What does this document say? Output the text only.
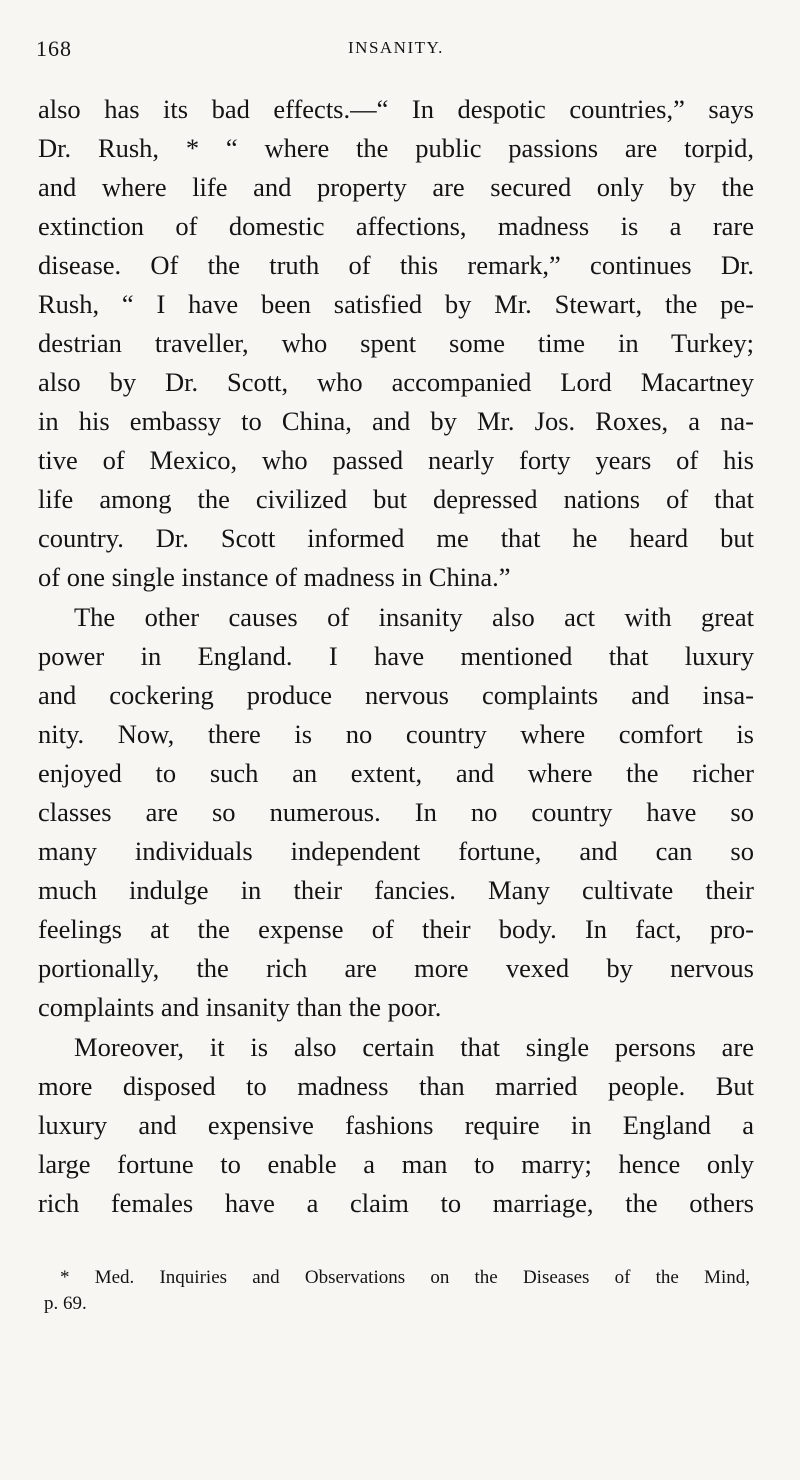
168	INSANITY.
also has its bad effects.—“ In despotic countries,” says
Dr. Rush, * “ where the public passions are torpid,
and where life and property are secured only by the
extinction of domestic affections, madness is a rare
disease. Of the truth of this remark,” continues Dr.
Rush, “ I have been satisfied by Mr. Stewart, the pe-
destrian traveller, who spent some time in Turkey;
also by Dr. Scott, who accompanied Lord Macartney
in his embassy to China, and by Mr. Jos. Roxes, a na-
tive of Mexico, who passed nearly forty years of his
life among the civilized but depressed nations of that
country. Dr. Scott informed me that he heard but
of one single instance of madness in China.”
The other causes of insanity also act with great
power in England. I have mentioned that luxury
and cockering produce nervous complaints and insa-
nity. Now, there is no country where comfort is
enjoyed to such an extent, and where the richer
classes are so numerous. In no country have so
many individuals independent fortune, and can so
much indulge in their fancies. Many cultivate their
feelings at the expense of their body. In fact, pro-
portionally, the rich are more vexed by nervous
complaints and insanity than the poor.
Moreover, it is also certain that single persons are
more disposed to madness than married people. But
luxury and expensive fashions require in England a
large fortune to enable a man to marry; hence only
rich females have a claim to marriage, the others
* Med. Inquiries and Observations on the Diseases of the Mind,
p. 69.
